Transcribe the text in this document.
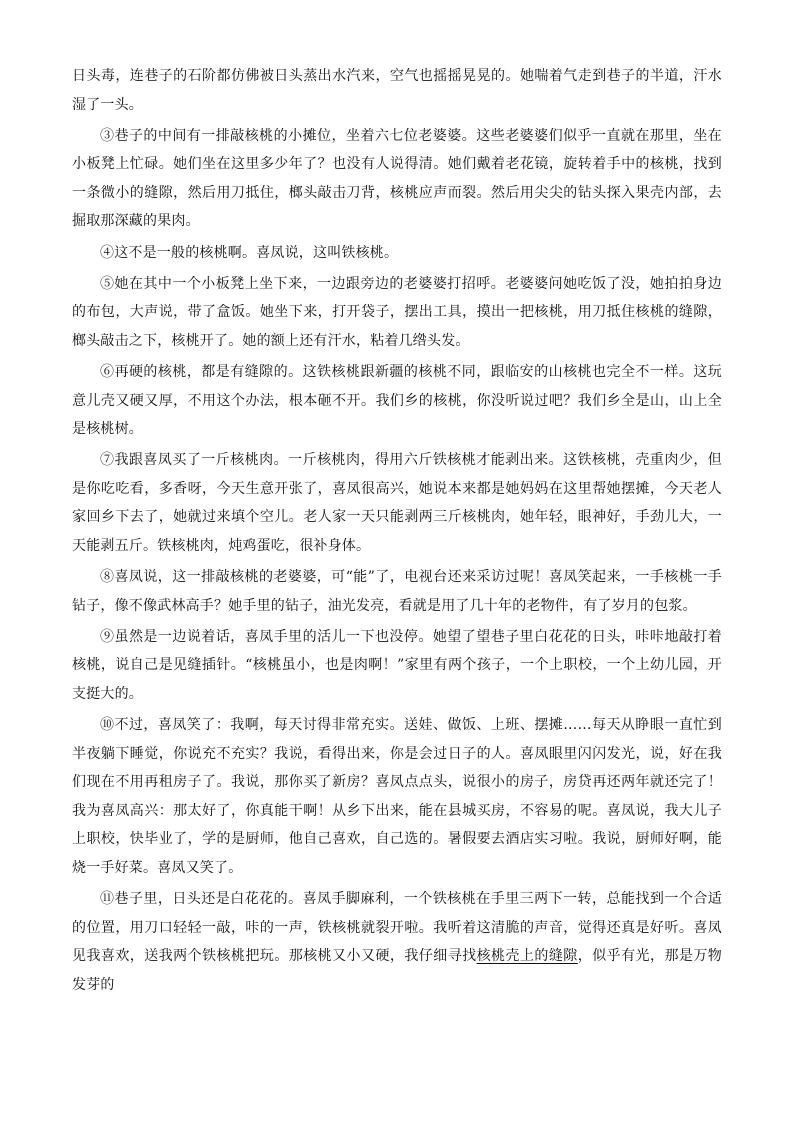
日头毒，连巷子的石阶都仿佛被日头蒸出水汽来，空气也摇摇晃晃的。她喘着气走到巷子的半道，汗水湿了一头。

③巷子的中间有一排敲核桃的小摊位，坐着六七位老婆婆。这些老婆婆们似乎一直就在那里，坐在小板凳上忙碌。她们坐在这里多少年了？也没有人说得清。她们戴着老花镜，旋转着手中的核桃，找到一条微小的缝隙，然后用刀抵住，榔头敲击刀背，核桃应声而裂。然后用尖尖的钻头探入果壳内部，去掘取那深藏的果肉。

④这不是一般的核桃啊。喜凤说，这叫铁核桃。

⑤她在其中一个小板凳上坐下来，一边跟旁边的老婆婆打招呼。老婆婆问她吃饭了没，她拍拍身边的布包，大声说，带了盒饭。她坐下来，打开袋子，摆出工具，摸出一把核桃，用刀抵住核桃的缝隙，榔头敲击之下，核桃开了。她的额上还有汗水，粘着几绺头发。

⑥再硬的核桃，都是有缝隙的。这铁核桃跟新疆的核桃不同，跟临安的山核桃也完全不一样。这玩意儿壳又硬又厚，不用这个办法，根本砸不开。我们乡的核桃，你没听说过吧？我们乡全是山，山上全是核桃树。

⑦我跟喜凤买了一斤核桃肉。一斤核桃肉，得用六斤铁核桃才能剥出来。这铁核桃，壳重肉少，但是你吃吃看，多香呀，今天生意开张了，喜凤很高兴，她说本来都是她妈妈在这里帮她摆摊，今天老人家回乡下去了，她就过来填个空儿。老人家一天只能剥两三斤核桃肉，她年轻，眼神好，手劲儿大，一天能剥五斤。铁核桃肉，炖鸡蛋吃，很补身体。

⑧喜凤说，这一排敲核桃的老婆婆，可“能”了，电视台还来采访过呢！喜凤笑起来，一手核桃一手钻子，像不像武林高手？她手里的钻子，油光发亮，看就是用了几十年的老物件，有了岁月的包浆。

⑨虽然是一边说着话，喜凤手里的活儿一下也没停。她望了望巷子里白花花的日头，咔咔地敲打着核桃，说自己是见缝插针。“核桃虽小，也是肉啊！”家里有两个孩子，一个上职校，一个上幼儿园，开支挺大的。

⑩不过，喜凤笑了：我啊，每天讨得非常充实。送娃、做饭、上班、摆摊……每天从睁眼一直忙到半夜躺下睡觉，你说充不充实？我说，看得出来，你是会过日子的人。喜凤眼里闪闪发光，说，好在我们现在不用再租房子了。我说，那你买了新房？喜凤点点头，说很小的房子，房贷再还两年就还完了！我为喜凤高兴：那太好了，你真能干啊！从乡下出来，能在县城买房，不容易的呢。喜凤说，我大儿子上职校，快毕业了，学的是厨师，他自己喜欢，自己选的。暑假要去酒店实习啦。我说，厨师好啊，能烧一手好菜。喜凤又笑了。

⑪巷子里，日头还是白花花的。喜凤手脚麻利，一个铁核桃在手里三两下一转，总能找到一个合适的位置，用刀口轻轻一敲，咔的一声，铁核桃就裂开啦。我听着这清脆的声音，觉得还真是好听。喜凤见我喜欢，送我两个铁核桃把玩。那核桃又小又硬，我仔细寻找核桃壳上的缝隙，似乎有光，那是万物发芽的
